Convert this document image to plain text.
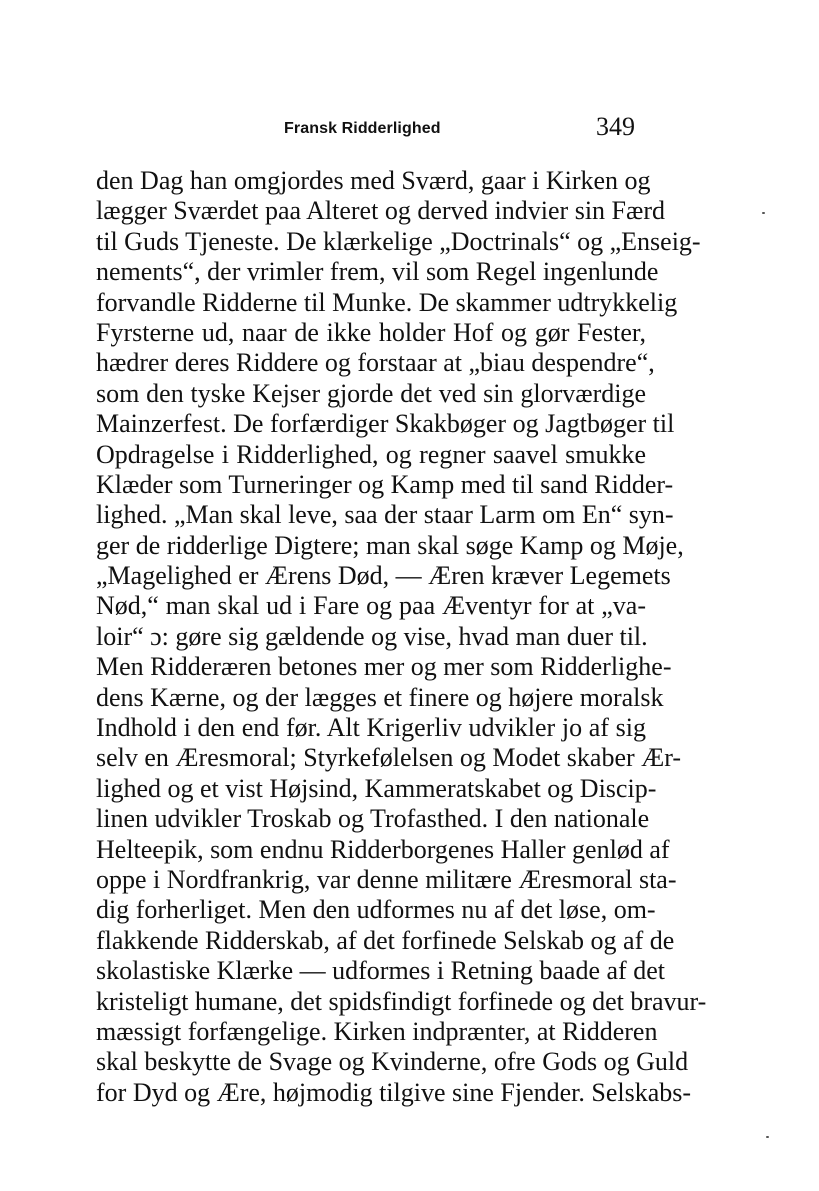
Fransk Ridderlighed	349
den Dag han omgjordes med Sværd, gaar i Kirken og
lægger Sværdet paa Alteret og derved indvier sin Færd
til Guds Tjeneste. De klærkelige „Doctrinals“ og „Enseig-
nements“, der vrimler frem, vil som Regel ingenlunde
forvandle Ridderne til Munke. De skammer udtrykkelig
Fyrsterne ud, naar de ikke holder Hof og gør Fester,
hædrer deres Riddere og forstaar at „biau despendre“,
som den tyske Kejser gjorde det ved sin glorværdige
Mainzerfest. De forfærdiger Skakbøger og Jagtbøger til
Opdragelse i Ridderlighed, og regner saavel smukke
Klæder som Turneringer og Kamp med til sand Ridder-
lighed. „Man skal leve, saa der staar Larm om En“ syn-
ger de ridderlige Digtere; man skal søge Kamp og Møje,
„Magelighed er Ærens Død, — Æren kræver Legemets
Nød,“ man skal ud i Fare og paa Æventyr for at „va-
loir“ ɔ: gøre sig gældende og vise, hvad man duer til.
Men Ridderæren betones mer og mer som Ridderlighe-
dens Kærne, og der lægges et finere og højere moralsk
Indhold i den end før. Alt Krigerliv udvikler jo af sig
selv en Æresmoral; Styrkefølelsen og Modet skaber Ær-
lighed og et vist Højsind, Kammeratskabet og Discip-
linen udvikler Troskab og Trofasthed. I den nationale
Helteepik, som endnu Ridderborgenes Haller genlød af
oppe i Nordfrankrig, var denne militære Æresmoral sta-
dig forherliget. Men den udformes nu af det løse, om-
flakkende Ridderskab, af det forfinede Selskab og af de
skolastiske Klærke — udformes i Retning baade af det
kristeligt humane, det spidsfindigt forfinede og det bravur-
mæssigt forfængelige. Kirken indprænter, at Ridderen
skal beskytte de Svage og Kvinderne, ofre Gods og Guld
for Dyd og Ære, højmodig tilgive sine Fjender. Selskabs-
